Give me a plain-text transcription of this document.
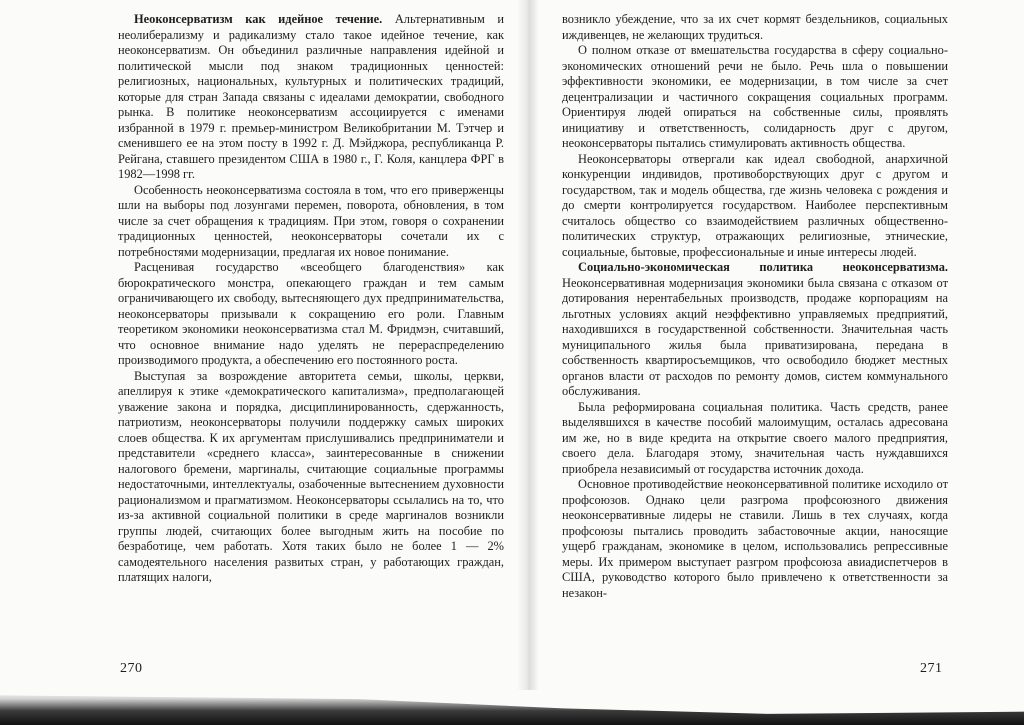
Неоконсерватизм как идейное течение. Альтернативным и неолиберализму и радикализму стало такое идейное течение, как неоконсерватизм. Он объединил различные направления идейной и политической мысли под знаком традиционных ценностей: религиозных, национальных, культурных и политических традиций, которые для стран Запада связаны с идеалами демократии, свободного рынка. В политике неоконсерватизм ассоциируется с именами избранной в 1979 г. премьер-министром Великобритании М. Тэтчер и сменившего ее на этом посту в 1992 г. Д. Мэйджора, республиканца Р. Рейгана, ставшего президентом США в 1980 г., Г. Коля, канцлера ФРГ в 1982—1998 гг.

Особенность неоконсерватизма состояла в том, что его приверженцы шли на выборы под лозунгами перемен, поворота, обновления, в том числе за счет обращения к традициям. При этом, говоря о сохранении традиционных ценностей, неоконсерваторы сочетали их с потребностями модернизации, предлагая их новое понимание.

Расценивая государство «всеобщего благоденствия» как бюрократического монстра, опекающего граждан и тем самым ограничивающего их свободу, вытесняющего дух предпринимательства, неоконсерваторы призывали к сокращению его роли. Главным теоретиком экономики неоконсерватизма стал М. Фридмэн, считавший, что основное внимание надо уделять не перераспределению производимого продукта, а обеспечению его постоянного роста.

Выступая за возрождение авторитета семьи, школы, церкви, апеллируя к этике «демократического капитализма», предполагающей уважение закона и порядка, дисциплинированность, сдержанность, патриотизм, неоконсерваторы получили поддержку самых широких слоев общества. К их аргументам прислушивались предприниматели и представители «среднего класса», заинтересованные в снижении налогового бремени, маргиналы, считающие социальные программы недостаточными, интеллектуалы, озабоченные вытеснением духовности рационализмом и прагматизмом. Неоконсерваторы ссылались на то, что из-за активной социальной политики в среде маргиналов возникли группы людей, считающих более выгодным жить на пособие по безработице, чем работать. Хотя таких было не более 1 — 2% самодеятельного населения развитых стран, у работающих граждан, платящих налоги,

возникло убеждение, что за их счет кормят бездельников, социальных иждивенцев, не желающих трудиться.

О полном отказе от вмешательства государства в сферу социально-экономических отношений речи не было. Речь шла о повышении эффективности экономики, ее модернизации, в том числе за счет децентрализации и частичного сокращения социальных программ. Ориентируя людей опираться на собственные силы, проявлять инициативу и ответственность, солидарность друг с другом, неоконсерваторы пытались стимулировать активность общества.

Неоконсерваторы отвергали как идеал свободной, анархичной конкуренции индивидов, противоборствующих друг с другом и государством, так и модель общества, где жизнь человека с рождения и до смерти контролируется государством. Наиболее перспективным считалось общество со взаимодействием различных общественно-политических структур, отражающих религиозные, этнические, социальные, бытовые, профессиональные и иные интересы людей.

Социально-экономическая политика неоконсерватизма. Неоконсервативная модернизация экономики была связана с отказом от дотирования нерентабельных производств, продаже корпорациям на льготных условиях акций неэффективно управляемых предприятий, находившихся в государственной собственности. Значительная часть муниципального жилья была приватизирована, передана в собственность квартиросъемщиков, что освободило бюджет местных органов власти от расходов по ремонту домов, систем коммунального обслуживания.

Была реформирована социальная политика. Часть средств, ранее выделявшихся в качестве пособий малоимущим, осталась адресована им же, но в виде кредита на открытие своего малого предприятия, своего дела. Благодаря этому, значительная часть нуждавшихся приобрела независимый от государства источник дохода.

Основное противодействие неоконсервативной политике исходило от профсоюзов. Однако цели разгрома профсоюзного движения неоконсервативные лидеры не ставили. Лишь в тех случаях, когда профсоюзы пытались проводить забастовочные акции, наносящие ущерб гражданам, экономике в целом, использовались репрессивные меры. Их примером выступает разгром профсоюза авиадиспетчеров в США, руководство которого было привлечено к ответственности за незакон-

270	271
